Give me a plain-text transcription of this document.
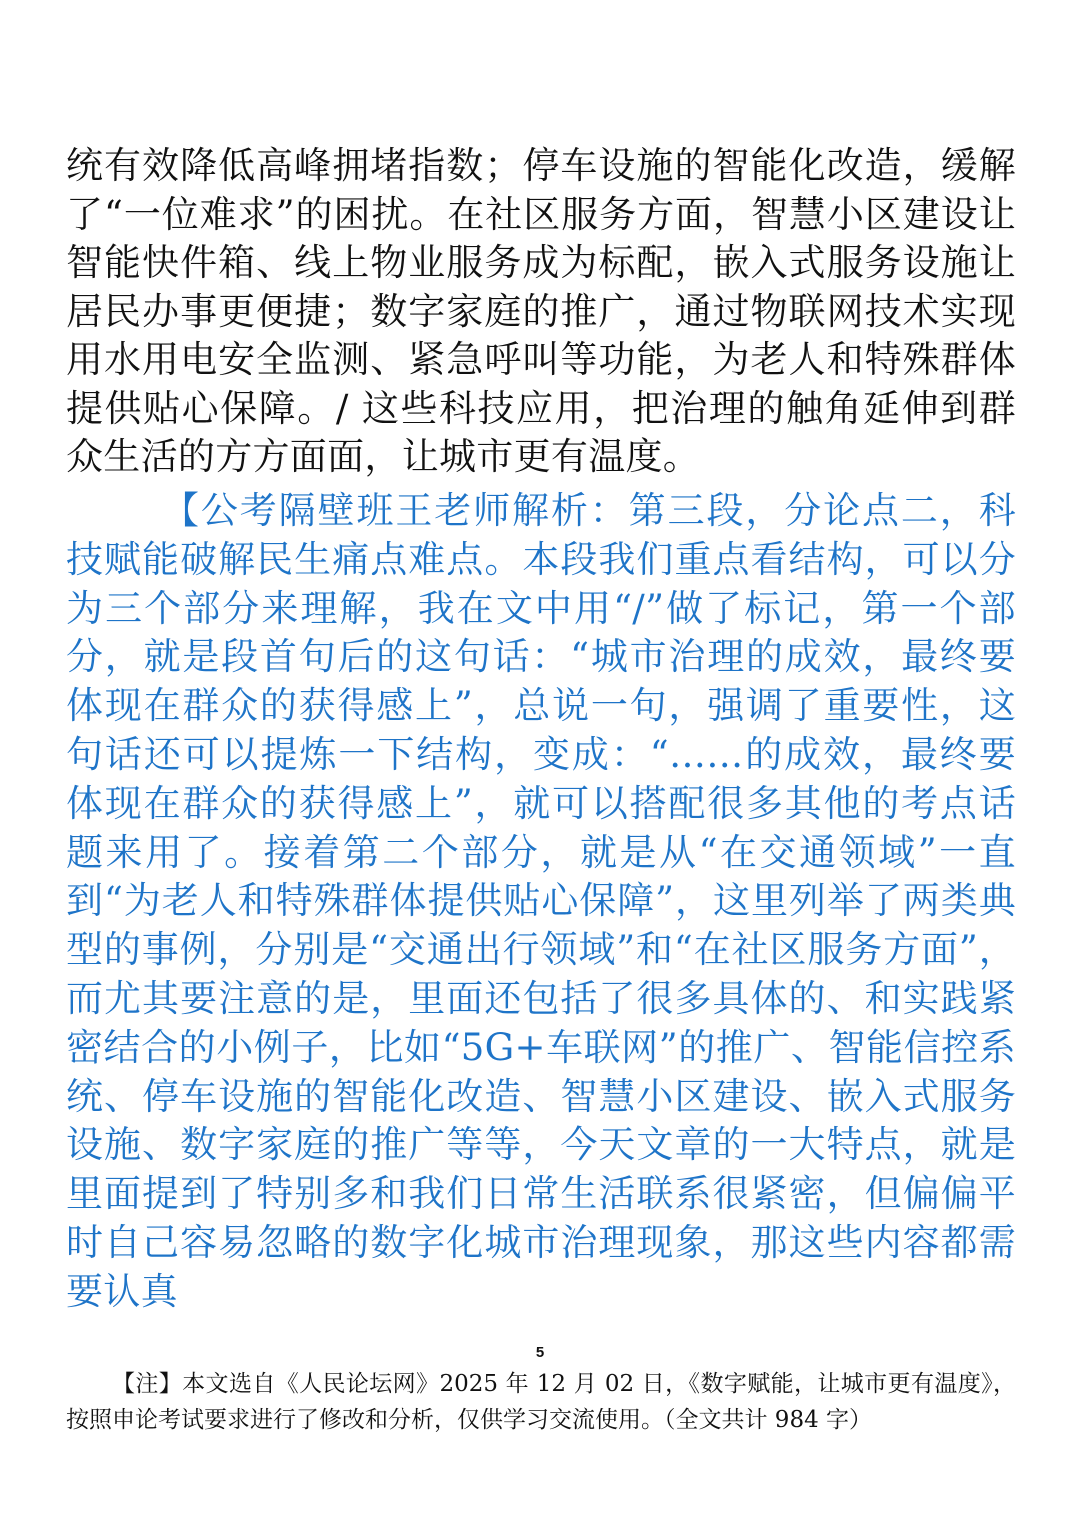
统有效降低高峰拥堵指数；停车设施的智能化改造，缓解了“一位难求”的困扰。在社区服务方面，智慧小区建设让智能快件箱、线上物业服务成为标配，嵌入式服务设施让居民办事更便捷；数字家庭的推广，通过物联网技术实现用水用电安全监测、紧急呼叫等功能，为老人和特殊群体提供贴心保障。/ 这些科技应用，把治理的触角延伸到群众生活的方方面面，让城市更有温度。
【公考隔壁班王老师解析：第三段，分论点二，科技赋能破解民生痛点难点。本段我们重点看结构，可以分为三个部分来理解，我在文中用“/”做了标记，第一个部分，就是段首句后的这句话：“城市治理的成效，最终要体现在群众的获得感上”，总说一句，强调了重要性，这句话还可以提炼一下结构，变成：“……的成效，最终要体现在群众的获得感上”，就可以搭配很多其他的考点话题来用了。接着第二个部分，就是从“在交通领域”一直到“为老人和特殊群体提供贴心保障”，这里列举了两类典型的事例，分别是“交通出行领域”和“在社区服务方面”，而尤其要注意的是，里面还包括了很多具体的、和实践紧密结合的小例子，比如“5G+车联网”的推广、智能信控系统、停车设施的智能化改造、智慧小区建设、嵌入式服务设施、数字家庭的推广等等，今天文章的一大特点，就是里面提到了特别多和我们日常生活联系很紧密，但偏偏平时自己容易忽略的数字化城市治理现象，那这些内容都需要认真
5
【注】本文选自《人民论坛网》2025 年 12 月 02 日，《数字赋能，让城市更有温度》，按照申论考试要求进行了修改和分析，仅供学习交流使用。（全文共计 984 字）
